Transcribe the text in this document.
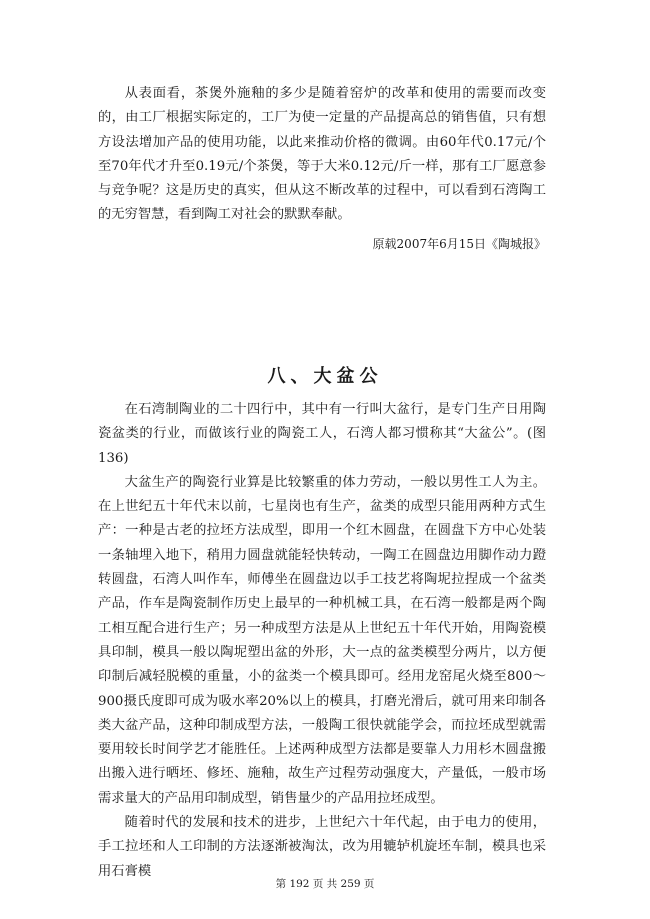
从表面看，茶煲外施釉的多少是随着窑炉的改革和使用的需要而改变的，由工厂根据实际定的，工厂为使一定量的产品提高总的销售值，只有想方设法增加产品的使用功能，以此来推动价格的微调。由60年代0.17元/个至70年代才升至0.19元/个茶煲，等于大米0.12元/斤一样，那有工厂愿意参与竞争呢？这是历史的真实，但从这不断改革的过程中，可以看到石湾陶工的无穷智慧，看到陶工对社会的默默奉献。

原载2007年6月15日《陶城报》
八、大盆公

在石湾制陶业的二十四行中，其中有一行叫大盆行，是专门生产日用陶瓷盆类的行业，而做该行业的陶瓷工人，石湾人都习惯称其“大盆公”。(图136)

大盆生产的陶瓷行业算是比较繁重的体力劳动，一般以男性工人为主。在上世纪五十年代末以前，七星岗也有生产，盆类的成型只能用两种方式生产：一种是古老的拉坯方法成型，即用一个红木圆盘，在圆盘下方中心处装一条轴埋入地下，稍用力圆盘就能轻快转动，一陶工在圆盘边用脚作动力蹬转圆盘，石湾人叫作车，师傅坐在圆盘边以手工技艺将陶坭拉捏成一个盆类产品，作车是陶瓷制作历史上最早的一种机械工具，在石湾一般都是两个陶工相互配合进行生产；另一种成型方法是从上世纪五十年代开始，用陶瓷模具印制，模具一般以陶坭塑出盆的外形，大一点的盆类模型分两片，以方便印制后减轻脱模的重量，小的盆类一个模具即可。经用龙窑尾火烧至800～900摄氏度即可成为吸水率20%以上的模具，打磨光滑后，就可用来印制各类大盆产品，这种印制成型方法，一般陶工很快就能学会，而拉坯成型就需要用较长时间学艺才能胜任。上述两种成型方法都是要靠人力用杉木圆盘搬出搬入进行晒坯、修坯、施釉，故生产过程劳动强度大，产量低，一般市场需求量大的产品用印制成型，销售量少的产品用拉坯成型。

随着时代的发展和技术的进步，上世纪六十年代起，由于电力的使用，手工拉坯和人工印制的方法逐渐被淘汰，改为用辘轳机旋坯车制，模具也采用石膏模

第 192 页 共 259 页
